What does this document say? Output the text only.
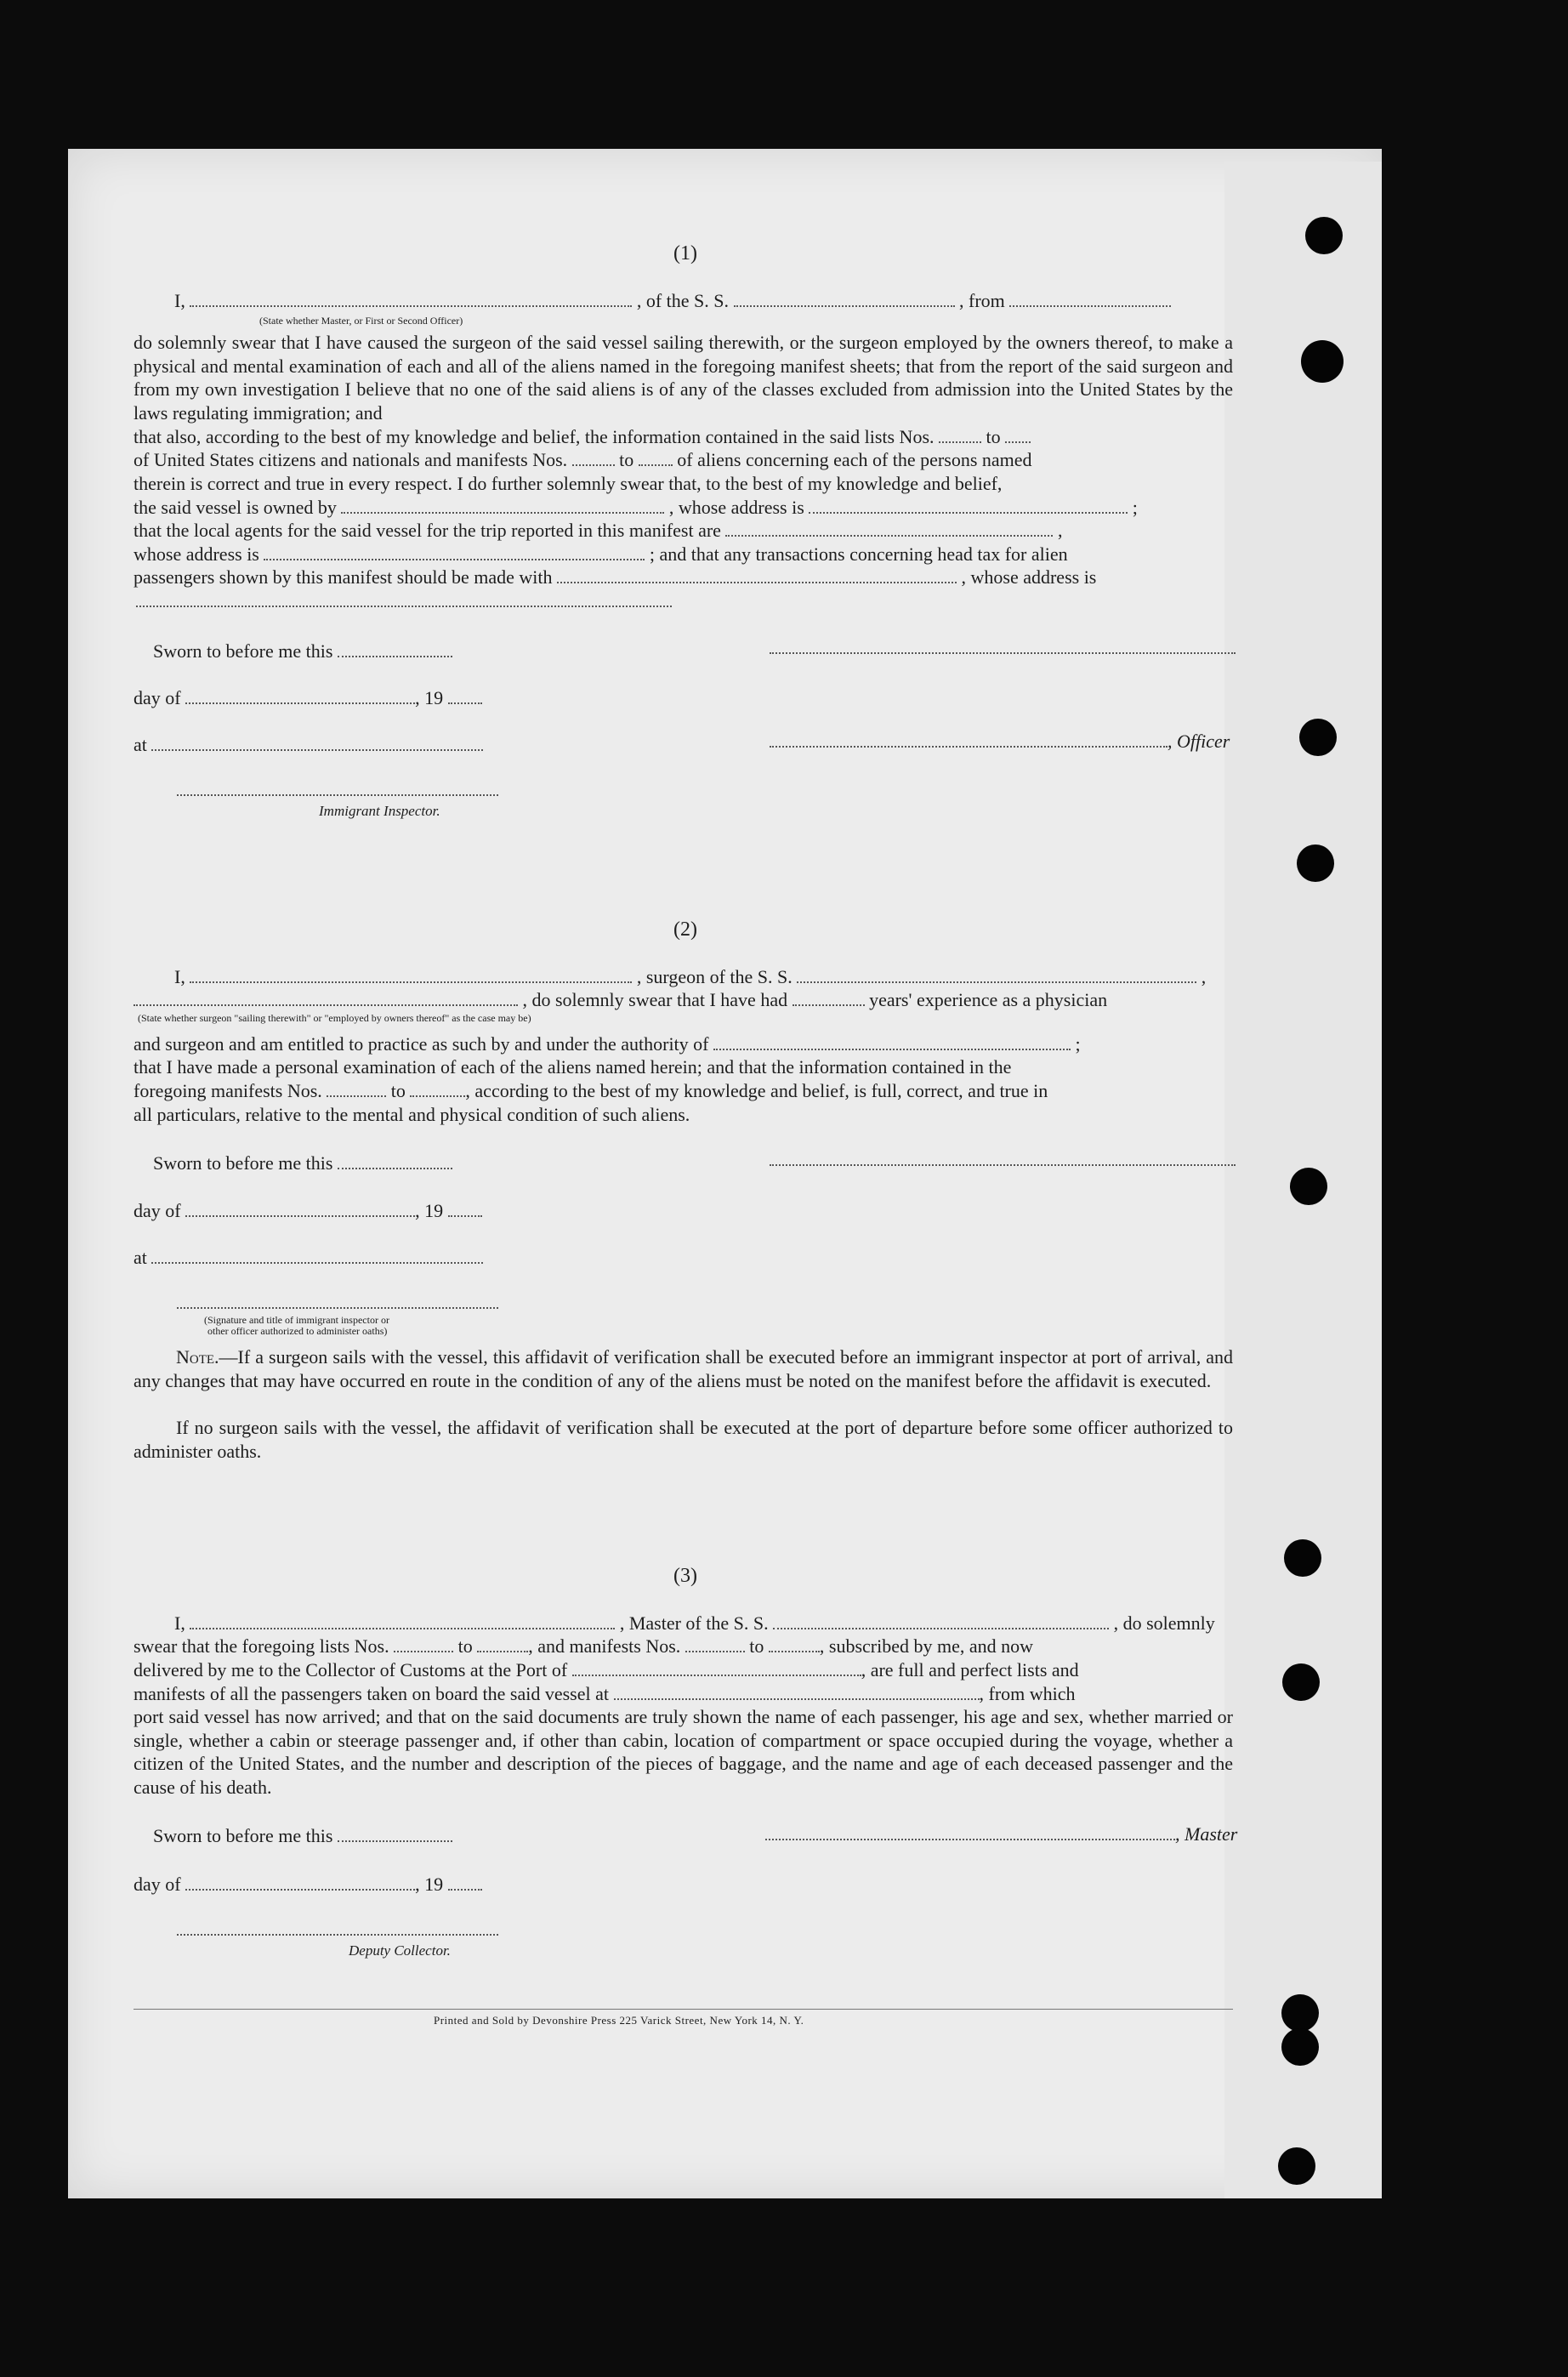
(1)
I,	, of the S. S.	, from
(State whether Master, or First or Second Officer)
do solemnly swear that I have caused the surgeon of the said vessel sailing therewith, or the surgeon employed by the owners thereof, to make a physical and mental examination of each and all of the aliens named in the foregoing manifest sheets; that from the report of the said surgeon and from my own investigation I believe that no one of the said aliens is of any of the classes excluded from admission into the United States by the laws regulating immigration; and
that also, according to the best of my knowledge and belief, the information contained in the said lists Nos.	to
of United States citizens and nationals and manifests Nos.	to of aliens concerning each of the persons named
therein is correct and true in every respect. I do further solemnly swear that, to the best of my knowledge and belief,
the said vessel is owned by	, whose address is	;
that the local agents for the said vessel for the trip reported in this manifest are	,
whose address is	; and that any transactions concerning head tax for alien
passengers shown by this manifest should be made with	, whose address is
Sworn to before me this
day of	, 19
at	, Officer
Immigrant Inspector.
(2)
I,	, surgeon of the S. S.	,
, do solemnly swear that I have had	years' experience as a physician
(State whether surgeon "sailing therewith" or "employed by owners thereof" as the case may be)
and surgeon and am entitled to practice as such by and under the authority of	;
that I have made a personal examination of each of the aliens named herein; and that the information contained in the
foregoing manifests Nos.	to	, according to the best of my knowledge and belief, is full, correct, and true in
all particulars, relative to the mental and physical condition of such aliens.
Sworn to before me this
day of	, 19
at
(Signature and title of immigrant inspector or
other officer authorized to administer oaths)
Note.—If a surgeon sails with the vessel, this affidavit of verification shall be executed before an immigrant inspector at port of arrival, and any changes that may have occurred en route in the condition of any of the aliens must be noted on the manifest before the affidavit is executed.
If no surgeon sails with the vessel, the affidavit of verification shall be executed at the port of departure before some officer authorized to administer oaths.
(3)
I,	, Master of the S. S.	, do solemnly
swear that the foregoing lists Nos.	to	, and manifests Nos.	to	, subscribed by me, and now
delivered by me to the Collector of Customs at the Port of	, are full and perfect lists and
manifests of all the passengers taken on board the said vessel at	, from which
port said vessel has now arrived; and that on the said documents are truly shown the name of each passenger, his age and sex, whether married or single, whether a cabin or steerage passenger and, if other than cabin, location of compartment or space occupied during the voyage, whether a citizen of the United States, and the number and description of the pieces of baggage, and the name and age of each deceased passenger and the cause of his death.
Sworn to before me this	, Master
day of	, 19
Deputy Collector.
Printed and Sold by Devonshire Press 225 Varick Street, New York 14, N. Y.
